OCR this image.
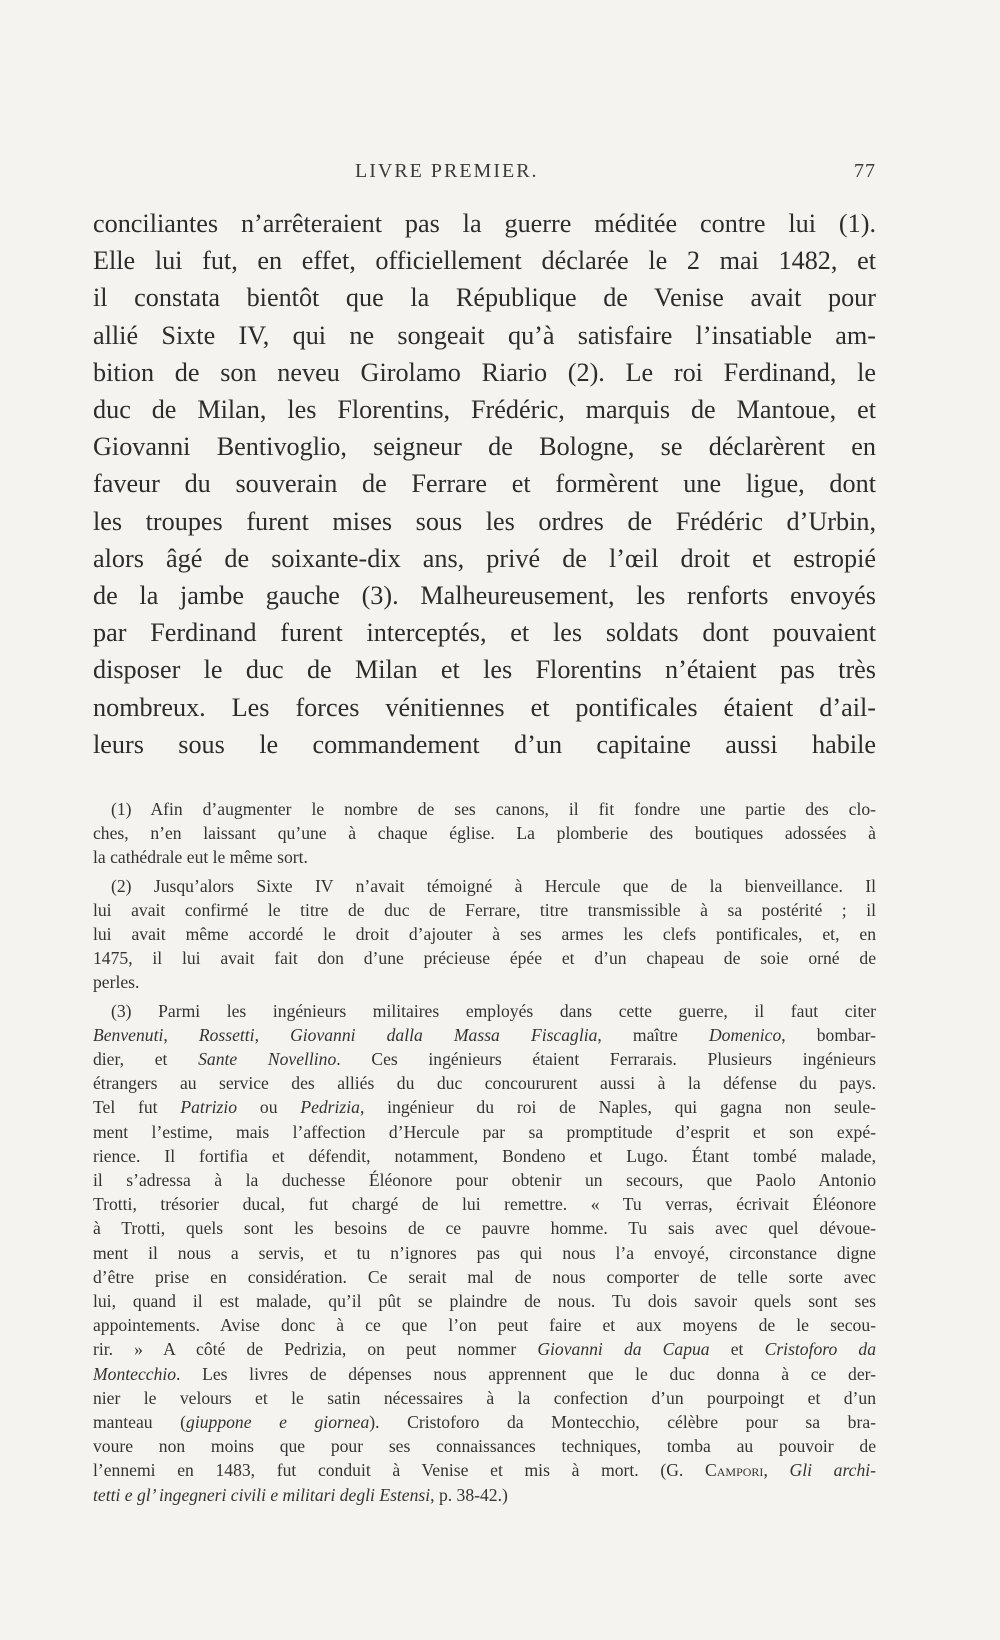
LIVRE PREMIER.	77
conciliantes n’arrêteraient pas la guerre méditée contre lui (1).
Elle lui fut, en effet, officiellement déclarée le 2 mai 1482, et
il constata bientôt que la République de Venise avait pour
allié Sixte IV, qui ne songeait qu’à satisfaire l’insatiable am-
bition de son neveu Girolamo Riario (2). Le roi Ferdinand, le
duc de Milan, les Florentins, Frédéric, marquis de Mantoue, et
Giovanni Bentivoglio, seigneur de Bologne, se déclarèrent en
faveur du souverain de Ferrare et formèrent une ligue, dont
les troupes furent mises sous les ordres de Frédéric d’Urbin,
alors âgé de soixante-dix ans, privé de l’œil droit et estropié
de la jambe gauche (3). Malheureusement, les renforts envoyés
par Ferdinand furent interceptés, et les soldats dont pouvaient
disposer le duc de Milan et les Florentins n’étaient pas très
nombreux. Les forces vénitiennes et pontificales étaient d’ail-
leurs sous le commandement d’un capitaine aussi habile
(1) Afin d’augmenter le nombre de ses canons, il fit fondre une partie des clo-
ches, n’en laissant qu’une à chaque église. La plomberie des boutiques adossées à
la cathédrale eut le même sort.
(2) Jusqu’alors Sixte IV n’avait témoigné à Hercule que de la bienveillance. Il
lui avait confirmé le titre de duc de Ferrare, titre transmissible à sa postérité ; il
lui avait même accordé le droit d’ajouter à ses armes les clefs pontificales, et, en
1475, il lui avait fait don d’une précieuse épée et d’un chapeau de soie orné de
perles.
(3) Parmi les ingénieurs militaires employés dans cette guerre, il faut citer
Benvenuti, Rossetti, Giovanni dalla Massa Fiscaglia, maître Domenico, bombar-
dier, et Sante Novellino. Ces ingénieurs étaient Ferrarais. Plusieurs ingénieurs
étrangers au service des alliés du duc concoururent aussi à la défense du pays.
Tel fut Patrizio ou Pedrizia, ingénieur du roi de Naples, qui gagna non seule-
ment l’estime, mais l’affection d’Hercule par sa promptitude d’esprit et son expé-
rience. Il fortifia et défendit, notamment, Bondeno et Lugo. Étant tombé malade,
il s’adressa à la duchesse Éléonore pour obtenir un secours, que Paolo Antonio
Trotti, trésorier ducal, fut chargé de lui remettre. « Tu verras, écrivait Éléonore
à Trotti, quels sont les besoins de ce pauvre homme. Tu sais avec quel dévoue-
ment il nous a servis, et tu n’ignores pas qui nous l’a envoyé, circonstance digne
d’être prise en considération. Ce serait mal de nous comporter de telle sorte avec
lui, quand il est malade, qu’il pût se plaindre de nous. Tu dois savoir quels sont ses
appointements. Avise donc à ce que l’on peut faire et aux moyens de le secou-
rir. » A côté de Pedrizia, on peut nommer Giovanni da Capua et Cristoforo da
Montecchio. Les livres de dépenses nous apprennent que le duc donna à ce der-
nier le velours et le satin nécessaires à la confection d’un pourpoingt et d’un
manteau (giuppone e giornea). Cristoforo da Montecchio, célèbre pour sa bra-
voure non moins que pour ses connaissances techniques, tomba au pouvoir de
l’ennemi en 1483, fut conduit à Venise et mis à mort. (G. Campori, Gli archi-
tetti e gl’ ingegneri civili e militari degli Estensi, p. 38-42.)
